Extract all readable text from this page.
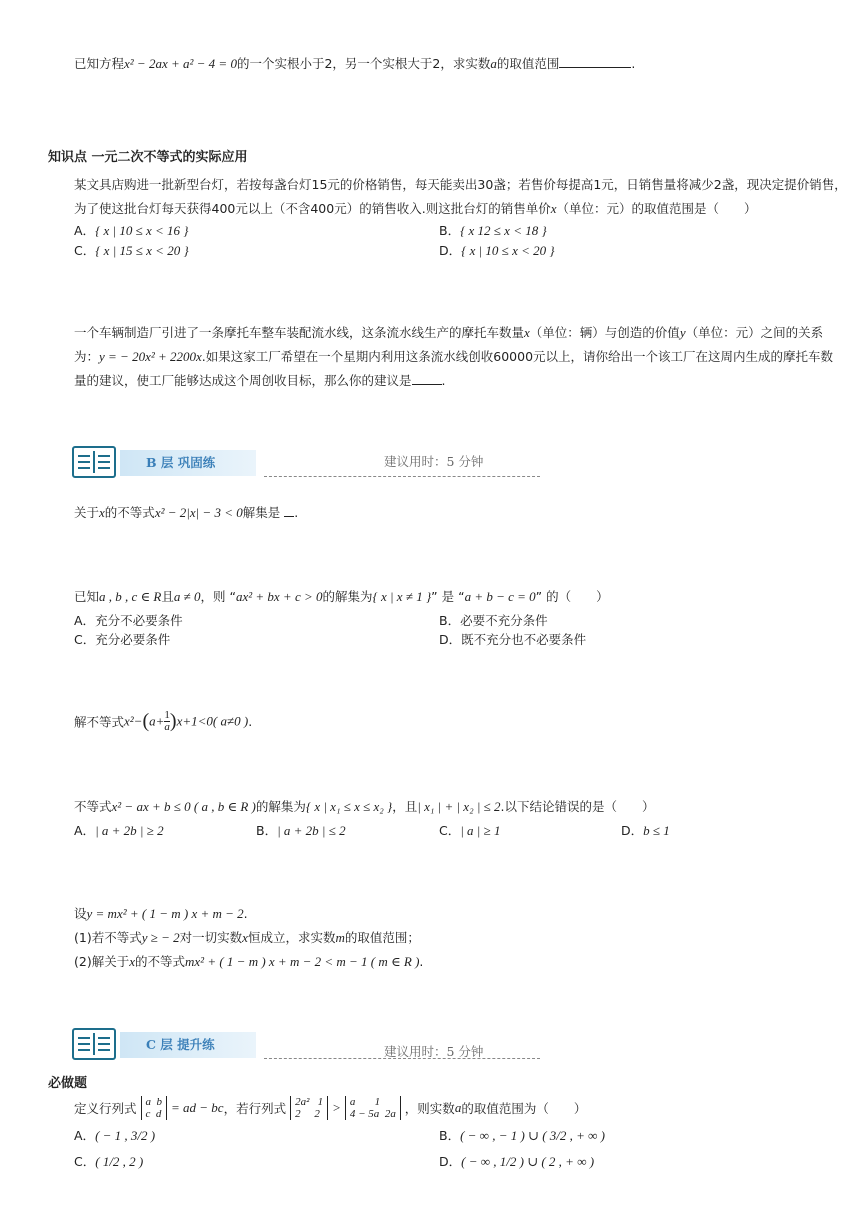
已知方程x² − 2ax + a² − 4 = 0的一个实根小于2，另一个实根大于2，求实数a的取值范围	.
知识点 一元二次不等式的实际应用
某文具店购进一批新型台灯，若按每盏台灯15元的价格销售，每天能卖出30盏；若售价每提高1元，日销售量将减少2盏，现决定提价销售，
为了使这批台灯每天获得400元以上（不含400元）的销售收入.则这批台灯的销售单价x（单位：元）的取值范围是（　　）
A．{ x | 10 ≤ x < 16 }	B．{ x 12 ≤ x < 18 }
C．{ x | 15 ≤ x < 20 }	D．{ x | 10 ≤ x < 20 }
一个车辆制造厂引进了一条摩托车整车装配流水线，这条流水线生产的摩托车数量x（单位：辆）与创造的价值y（单位：元）之间的关系
为：y = − 20x² + 2200x.如果这家工厂希望在一个星期内利用这条流水线创收60000元以上，请你给出一个该工厂在这周内生成的摩托车数
量的建议，使工厂能够达成这个周创收目标，那么你的建议是 .
B 层 巩固练	建议用时：5 分钟
关于x的不等式x² − 2|x| − 3 < 0解集是 .
已知a , b , c ∈ R且a ≠ 0，则 “ax² + bx + c > 0的解集为{ x | x ≠ 1 }” 是 “a + b − c = 0” 的（　　）
A．充分不必要条件	B．必要不充分条件
C．充分必要条件	D．既不充分也不必要条件
解不等式$x^2-(a+ \frac{1}{a} )x+1<0$( a≠0 ).
不等式x² − ax + b ≤ 0 ( a , b ∈ R )的解集为{ x | x₁ ≤ x ≤ x₂ }，且| x₁ | + | x₂ | ≤ 2.以下结论错误的是（　　）
A．| a + 2b | ≥ 2	B．| a + 2b | ≤ 2	C．| a | ≥ 1	D．b ≤ 1
设y = mx² + ( 1 − m ) x + m − 2.
(1)若不等式y ≥ − 2对一切实数x恒成立，求实数m的取值范围；
(2)解关于x的不等式mx² + ( 1 − m ) x + m − 2 < m − 1 ( m ∈ R ).
C 层 提升练	建议用时：5 分钟
必做题
定义行列式 a b
c d = ad − bc，若行列式 2a² 1
2 2 > a 1
4 − 5a 2a ，则实数a的取值范围为（　　）
A．( − 1 , 3/2 )	B．( − ∞ , − 1 ) ∪ ( 3/2 , + ∞ )
C．( 1/2 , 2 )	D．( − ∞ , 1/2 ) ∪ ( 2 , + ∞ )
